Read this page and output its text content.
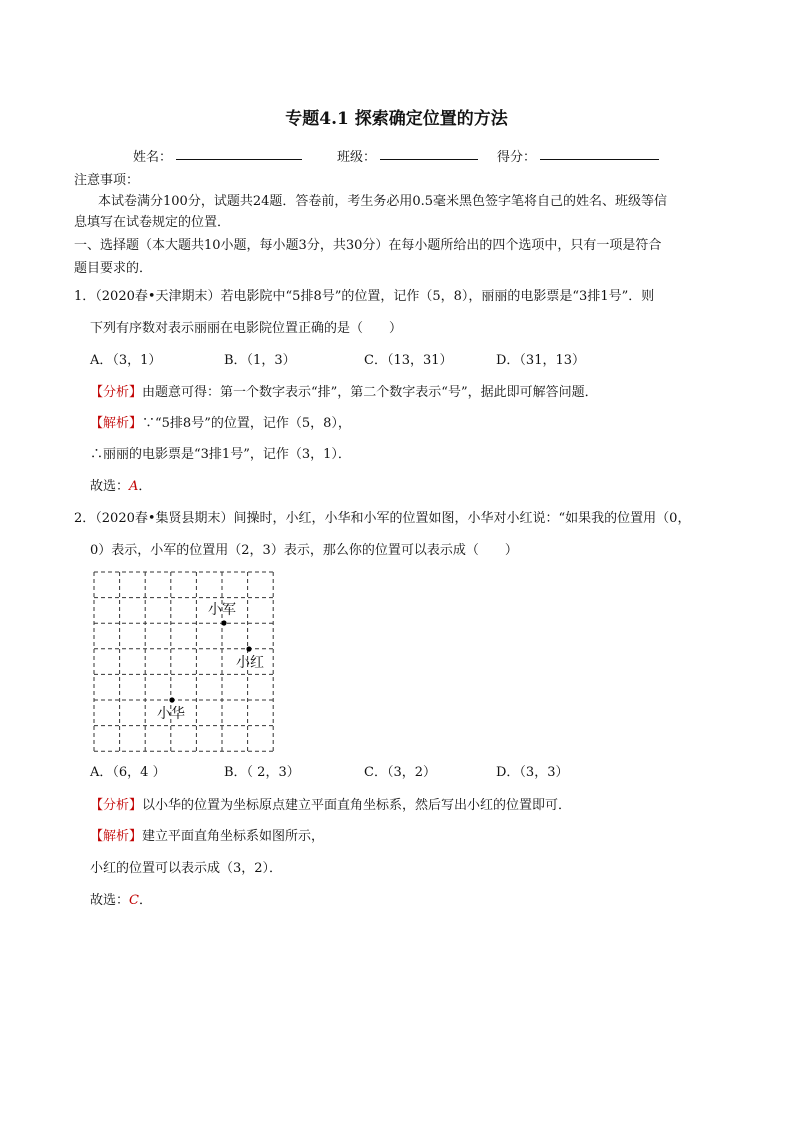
专题4.1 探索确定位置的方法
姓名：	班级：	得分：
注意事项：
本试卷满分100分，试题共24题．答卷前，考生务必用0.5毫米黑色签字笔将自己的姓名、班级等信
息填写在试卷规定的位置．
一、选择题（本大题共10小题，每小题3分，共30分）在每小题所给出的四个选项中，只有一项是符合
题目要求的．
1．（2020春•天津期末）若电影院中“5排8号”的位置，记作（5，8），丽丽的电影票是“3排1号”．则
下列有序数对表示丽丽在电影院位置正确的是（　　）
A．（3，1）	B．（1，3）	C．（13，31）	D．（31，13）
【分析】由题意可得：第一个数字表示“排”，第二个数字表示“号”，据此即可解答问题．
【解析】∵“5排8号”的位置，记作（5，8），
∴丽丽的电影票是“3排1号”，记作（3，1）．
故选：A．
2．（2020春•集贤县期末）间操时，小红，小华和小军的位置如图，小华对小红说：“如果我的位置用（0，
0）表示，小军的位置用（2，3）表示，那么你的位置可以表示成（　　）
小军
小红
小华
A．（6，4 ）	B．（ 2，3）	C．（3，2）	D．（3，3）
【分析】以小华的位置为坐标原点建立平面直角坐标系，然后写出小红的位置即可．
【解析】建立平面直角坐标系如图所示，
小红的位置可以表示成（3，2）．
故选：C．
